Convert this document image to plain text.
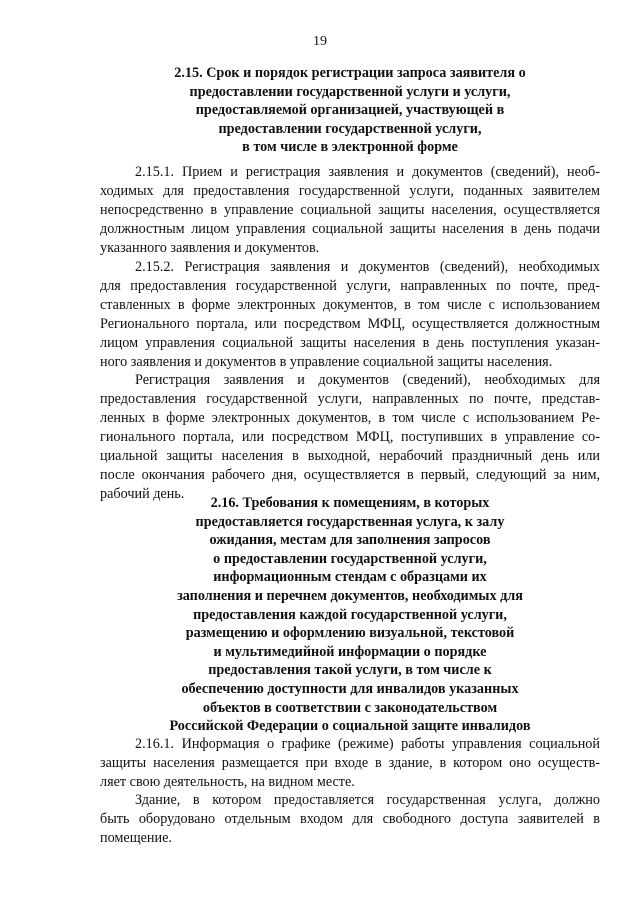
19
2.15. Срок и порядок регистрации запроса заявителя о
предоставлении государственной услуги и услуги,
предоставляемой организацией, участвующей в
предоставлении государственной услуги,
в том числе в электронной форме
2.15.1. Прием и регистрация заявления и документов (сведений), необ-
ходимых для предоставления государственной услуги, поданных заявителем
непосредственно в управление социальной защиты населения, осуществляется
должностным лицом управления социальной защиты населения в день подачи
указанного заявления и документов.
2.15.2. Регистрация заявления и документов (сведений), необходимых
для предоставления государственной услуги, направленных по почте, пред-
ставленных в форме электронных документов, в том числе с использованием
Регионального портала, или посредством МФЦ, осуществляется должностным
лицом управления социальной защиты населения в день поступления указан-
ного заявления и документов в управление социальной защиты населения.
Регистрация заявления и документов (сведений), необходимых для
предоставления государственной услуги, направленных по почте, представ-
ленных в форме электронных документов, в том числе с использованием Ре-
гионального портала, или посредством МФЦ, поступивших в управление со-
циальной защиты населения в выходной, нерабочий праздничный день или
после окончания рабочего дня, осуществляется в первый, следующий за ним,
рабочий день.
2.16. Требования к помещениям, в которых
предоставляется государственная услуга, к залу
ожидания, местам для заполнения запросов
о предоставлении государственной услуги,
информационным стендам с образцами их
заполнения и перечнем документов, необходимых для
предоставления каждой государственной услуги,
размещению и оформлению визуальной, текстовой
и мультимедийной информации о порядке
предоставления такой услуги, в том числе к
обеспечению доступности для инвалидов указанных
объектов в соответствии с законодательством
Российской Федерации о социальной защите инвалидов
2.16.1. Информация о графике (режиме) работы управления социальной
защиты населения размещается при входе в здание, в котором оно осуществ-
ляет свою деятельность, на видном месте.
Здание, в котором предоставляется государственная услуга, должно
быть оборудовано отдельным входом для свободного доступа заявителей в
помещение.
